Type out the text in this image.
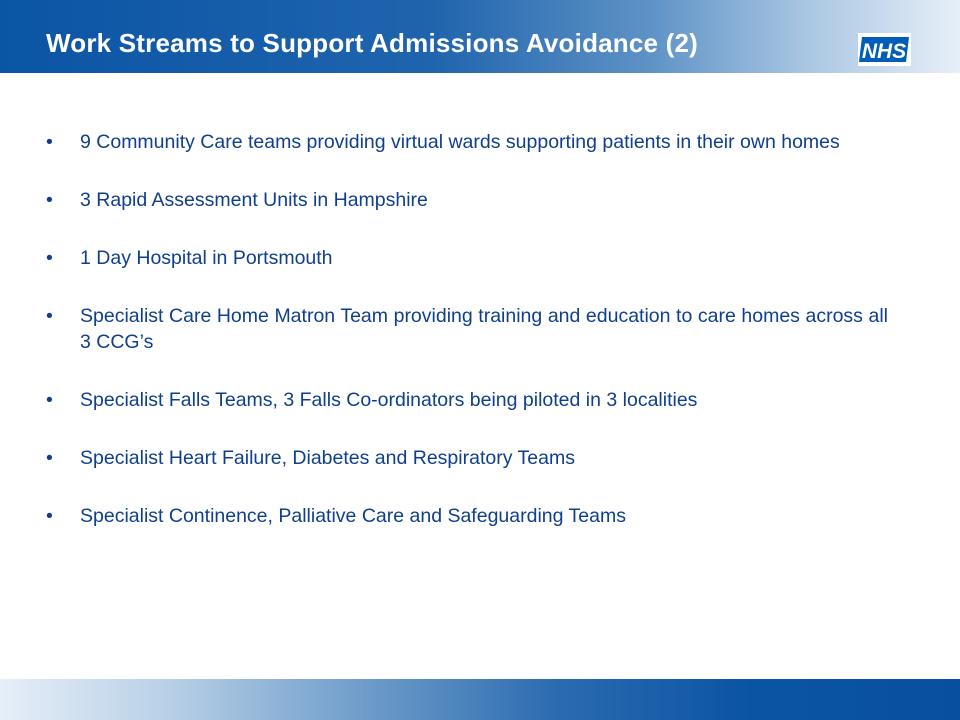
Work Streams to Support Admissions Avoidance (2)	NHS
•	9 Community Care teams providing virtual wards supporting patients in their own homes
•	3 Rapid Assessment Units in Hampshire
•	1 Day Hospital in Portsmouth
•	Specialist Care Home Matron Team providing training and education to care homes across all 3 CCG’s
•	Specialist Falls Teams, 3 Falls Co-ordinators being piloted in 3 localities
•	Specialist Heart Failure, Diabetes and Respiratory Teams
•	Specialist Continence, Palliative Care and Safeguarding Teams
